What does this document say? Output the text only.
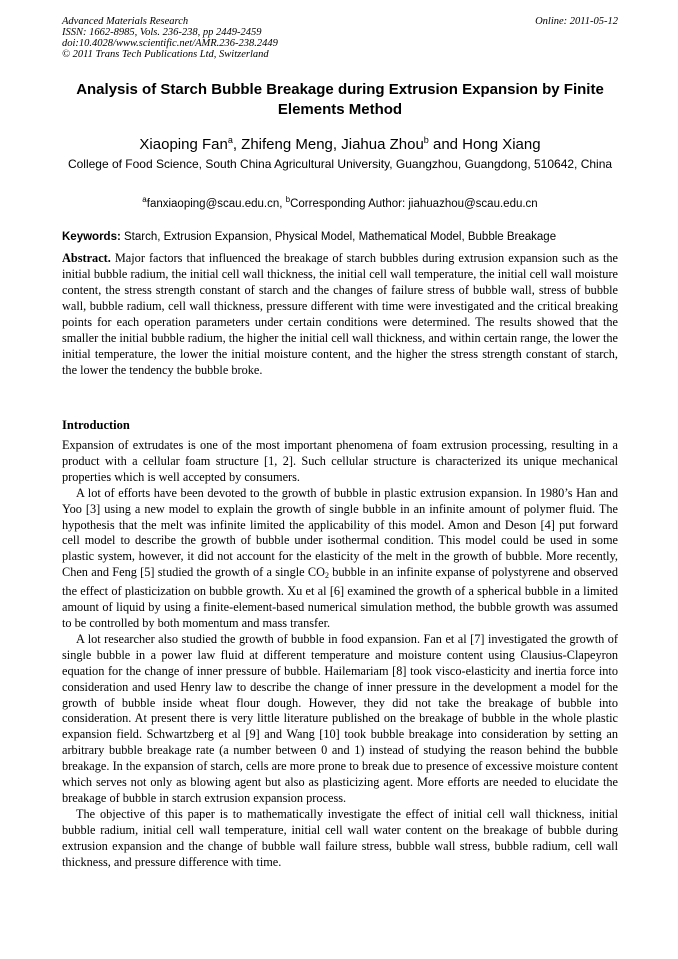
Advanced Materials Research
ISSN: 1662-8985, Vols. 236-238, pp 2449-2459
doi:10.4028/www.scientific.net/AMR.236-238.2449
© 2011 Trans Tech Publications Ltd, Switzerland
Online: 2011-05-12
Analysis of Starch Bubble Breakage during Extrusion Expansion by Finite Elements Method
Xiaoping Fan$^a$, Zhifeng Meng, Jiahua Zhou$^b$ and Hong Xiang
College of Food Science, South China Agricultural University, Guangzhou, Guangdong, 510642, China
$^a$fanxiaoping@scau.edu.cn, $^b$Corresponding Author: jiahuazhou@scau.edu.cn
Keywords: Starch, Extrusion Expansion, Physical Model, Mathematical Model, Bubble Breakage
Abstract. Major factors that influenced the breakage of starch bubbles during extrusion expansion such as the initial bubble radium, the initial cell wall thickness, the initial cell wall temperature, the initial cell wall moisture content, the stress strength constant of starch and the changes of failure stress of bubble wall, stress of bubble wall, bubble radium, cell wall thickness, pressure different with time were investigated and the critical breaking points for each operation parameters under certain conditions were determined. The results showed that the smaller the initial bubble radium, the higher the initial cell wall thickness, and within certain range, the lower the initial temperature, the lower the initial moisture content, and the higher the stress strength constant of starch, the lower the tendency the bubble broke.
Introduction

Expansion of extrudates is one of the most important phenomena of foam extrusion processing, resulting in a product with a cellular foam structure [1, 2]. Such cellular structure is characterized its unique mechanical properties which is well accepted by consumers.

A lot of efforts have been devoted to the growth of bubble in plastic extrusion expansion. In 1980’s Han and Yoo [3] using a new model to explain the growth of single bubble in an infinite amount of polymer fluid. The hypothesis that the melt was infinite limited the applicability of this model. Amon and Deson [4] put forward cell model to describe the growth of bubble under isothermal condition. This model could be used in some plastic system, however, it did not account for the elasticity of the melt in the growth of bubble. More recently, Chen and Feng [5] studied the growth of a single $CO_2$ bubble in an infinite expanse of polystyrene and observed the effect of plasticization on bubble growth. Xu et al [6] examined the growth of a spherical bubble in a limited amount of liquid by using a finite-element-based numerical simulation method, the bubble growth was assumed to be controlled by both momentum and mass transfer.

A lot researcher also studied the growth of bubble in food expansion. Fan et al [7] investigated the growth of single bubble in a power law fluid at different temperature and moisture content using Clausius-Clapeyron equation for the change of inner pressure of bubble. Hailemariam [8] took visco-elasticity and inertia force into consideration and used Henry law to describe the change of inner pressure in the development a model for the growth of bubble inside wheat flour dough. However, they did not take the breakage of bubble into consideration. At present there is very little literature published on the breakage of bubble in the whole plastic expansion field. Schwartzberg et al [9] and Wang [10] took bubble breakage into consideration by setting an arbitrary bubble breakage rate (a number between 0 and 1) instead of studying the reason behind the bubble breakage. In the expansion of starch, cells are more prone to break due to presence of excessive moisture content which serves not only as blowing agent but also as plasticizing agent. More efforts are needed to elucidate the breakage of bubble in starch extrusion expansion process.

The objective of this paper is to mathematically investigate the effect of initial cell wall thickness, initial bubble radium, initial cell wall temperature, initial cell wall water content on the breakage of bubble during extrusion expansion and the change of bubble wall failure stress, bubble wall stress, bubble radium, cell wall thickness, and pressure difference with time.
